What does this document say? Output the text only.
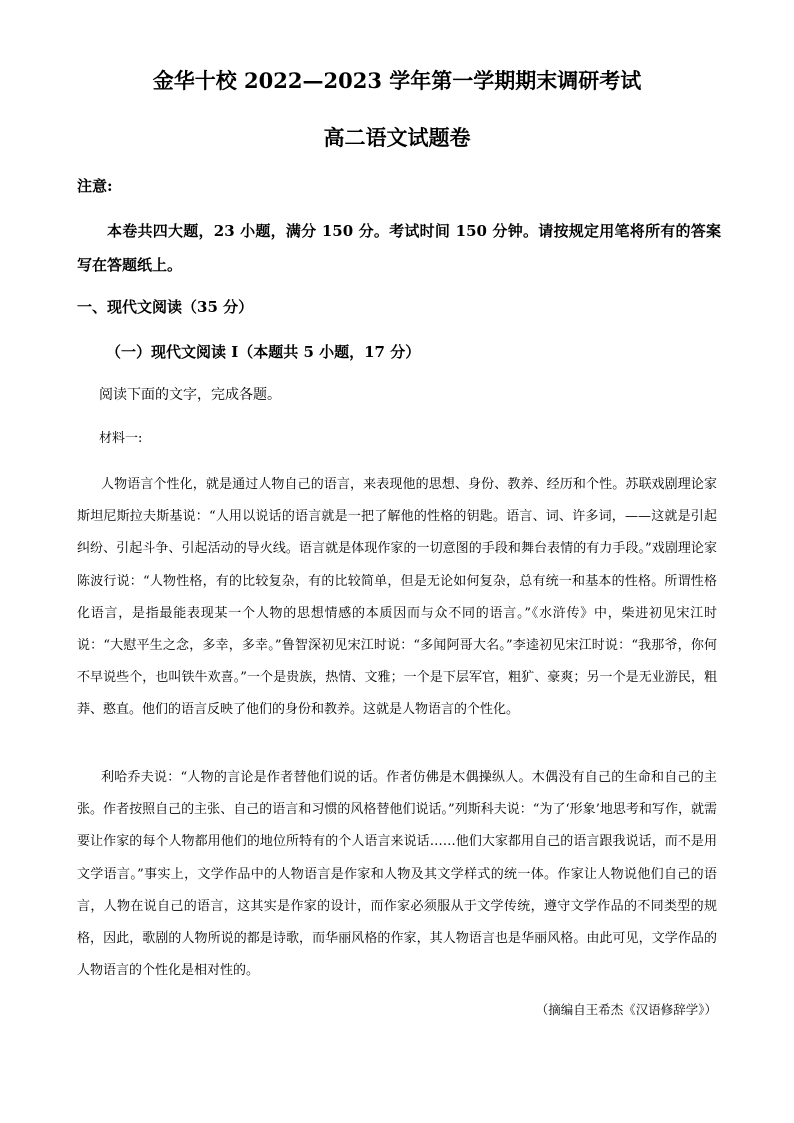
金华十校 2022—2023 学年第一学期期末调研考试
高二语文试题卷
注意:
本卷共四大题，23 小题，满分 150 分。考试时间 150 分钟。请按规定用笔将所有的答案写在答题纸上。
一、现代文阅读（35 分）
（一）现代文阅读 I（本题共 5 小题，17 分）
阅读下面的文字，完成各题。
材料一:
人物语言个性化，就是通过人物自己的语言，来表现他的思想、身份、教养、经历和个性。苏联戏剧理论家斯坦尼斯拉夫斯基说：“人用以说话的语言就是一把了解他的性格的钥匙。语言、词、许多词，——这就是引起纠纷、引起斗争、引起活动的导火线。语言就是体现作家的一切意图的手段和舞台表情的有力手段。”戏剧理论家陈波行说：“人物性格，有的比较复杂，有的比较简单，但是无论如何复杂，总有统一和基本的性格。所谓性格化语言，是指最能表现某一个人物的思想情感的本质因而与众不同的语言。”《水浒传》中，柴进初见宋江时说：“大慰平生之念，多幸，多幸。”鲁智深初见宋江时说：“多闻阿哥大名。”李逵初见宋江时说：“我那爷，你何不早说些个，也叫铁牛欢喜。”一个是贵族，热情、文雅；一个是下层军官，粗犷、豪爽；另一个是无业游民，粗莽、憨直。他们的语言反映了他们的身份和教养。这就是人物语言的个性化。
利哈乔夫说：“人物的言论是作者替他们说的话。作者仿佛是木偶操纵人。木偶没有自己的生命和自己的主张。作者按照自己的主张、自己的语言和习惯的风格替他们说话。”列斯科夫说：“为了‘形象’地思考和写作，就需要让作家的每个人物都用他们的地位所特有的个人语言来说话……他们大家都用自己的语言跟我说话，而不是用文学语言。”事实上，文学作品中的人物语言是作家和人物及其文学样式的统一体。作家让人物说他们自己的语言，人物在说自己的语言，这其实是作家的设计，而作家必须服从于文学传统，遵守文学作品的不同类型的规格，因此，歌剧的人物所说的都是诗歌，而华丽风格的作家，其人物语言也是华丽风格。由此可见，文学作品的人物语言的个性化是相对性的。
（摘编自王希杰《汉语修辞学》）
